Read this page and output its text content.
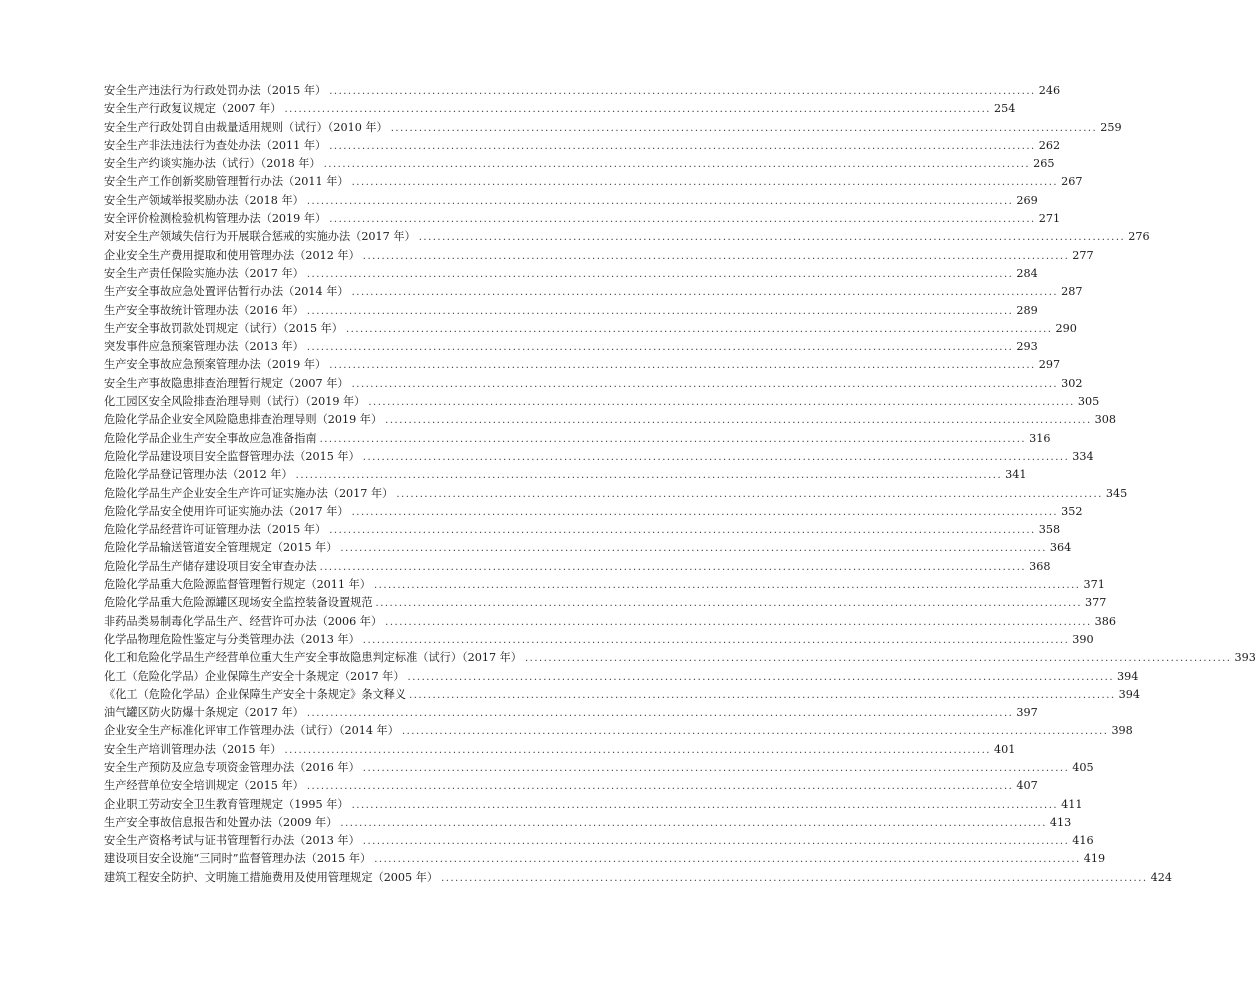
安全生产违法行为行政处罚办法（2015 年） .....	246
安全生产行政复议规定（2007 年） .....	254
安全生产行政处罚自由裁量适用规则（试行）（2010 年） .....	259
安全生产非法违法行为查处办法（2011 年） .....	262
安全生产约谈实施办法（试行）（2018 年） .....	265
安全生产工作创新奖励管理暂行办法（2011 年） .....	267
安全生产领域举报奖励办法（2018 年） .....	269
安全评价检测检验机构管理办法（2019 年） .....	271
对安全生产领域失信行为开展联合惩戒的实施办法（2017 年） .....	276
企业安全生产费用提取和使用管理办法（2012 年） .....	277
安全生产责任保险实施办法（2017 年） .....	284
生产安全事故应急处置评估暂行办法（2014 年） .....	287
生产安全事故统计管理办法（2016 年） .....	289
生产安全事故罚款处罚规定（试行）（2015 年） .....	290
突发事件应急预案管理办法（2013 年） .....	293
生产安全事故应急预案管理办法（2019 年） .....	297
安全生产事故隐患排查治理暂行规定（2007 年） .....	302
化工园区安全风险排查治理导则（试行）（2019 年） .....	305
危险化学品企业安全风险隐患排查治理导则（2019 年） .....	308
危险化学品企业生产安全事故应急准备指南 .....	316
危险化学品建设项目安全监督管理办法（2015 年） .....	334
危险化学品登记管理办法（2012 年） .....	341
危险化学品生产企业安全生产许可证实施办法（2017 年） .....	345
危险化学品安全使用许可证实施办法（2017 年） .....	352
危险化学品经营许可证管理办法（2015 年） .....	358
危险化学品输送管道安全管理规定（2015 年） .....	364
危险化学品生产储存建设项目安全审查办法 .....	368
危险化学品重大危险源监督管理暂行规定（2011 年） .....	371
危险化学品重大危险源罐区现场安全监控装备设置规范 .....	377
非药品类易制毒化学品生产、经营许可办法（2006 年） .....	386
化学品物理危险性鉴定与分类管理办法（2013 年） .....	390
化工和危险化学品生产经营单位重大生产安全事故隐患判定标准（试行）（2017 年） .....	393
化工（危险化学品）企业保障生产安全十条规定（2017 年） .....	394
《化工（危险化学品）企业保障生产安全十条规定》条文释义 .....	394
油气罐区防火防爆十条规定（2017 年） .....	397
企业安全生产标准化评审工作管理办法（试行）（2014 年） .....	398
安全生产培训管理办法（2015 年） .....	401
安全生产预防及应急专项资金管理办法（2016 年） .....	405
生产经营单位安全培训规定（2015 年） .....	407
企业职工劳动安全卫生教育管理规定（1995 年） .....	411
生产安全事故信息报告和处置办法（2009 年） .....	413
安全生产资格考试与证书管理暂行办法（2013 年） .....	416
建设项目安全设施“三同时”监督管理办法（2015 年） .....	419
建筑工程安全防护、文明施工措施费用及使用管理规定（2005 年） .....	424
